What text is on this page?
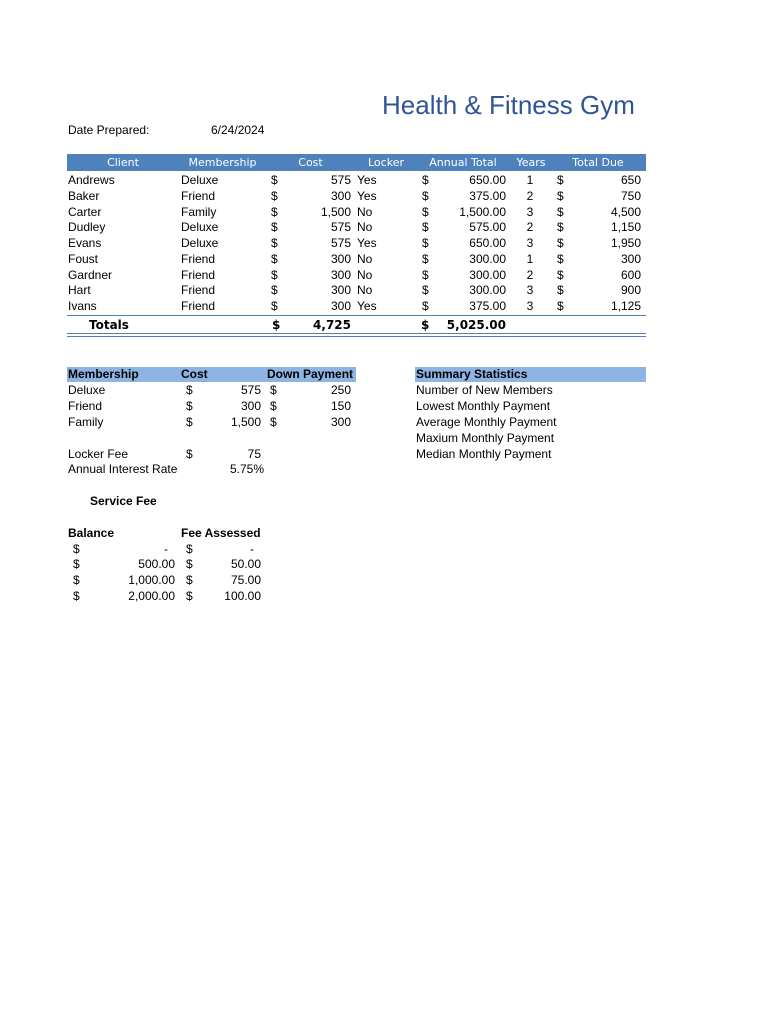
Health & Fitness Gym
Date Prepared:	6/24/2024
Client	Membership	Cost	Locker	Annual Total	Years	Total Due
Andrews	Deluxe	$	575 Yes	$	650.00	1	$	650
Baker	Friend	$	300 Yes	$	375.00	2	$	750
Carter	Family	$	1,500 No	$	1,500.00	3	$	4,500
Dudley	Deluxe	$	575 No	$	575.00	2	$	1,150
Evans	Deluxe	$	575 Yes	$	650.00	3	$	1,950
Foust	Friend	$	300 No	$	300.00	1	$	300
Gardner	Friend	$	300 No	$	300.00	2	$	600
Hart	Friend	$	300 No	$	300.00	3	$	900
Ivans	Friend	$	300 Yes	$	375.00	3	$	1,125
Totals	$	4,725	$	5,025.00
Membership	Cost	Down Payment
Deluxe	$	575 $	250
Friend	$	300 $	150
Family	$	1,500 $	300
Locker Fee	$	75
Annual Interest Rate	5.75%
Summary Statistics
Number of New Members
Lowest Monthly Payment
Average Monthly Payment
Maxium Monthly Payment
Median Monthly Payment
Service Fee
Balance	Fee Assessed
$	- $	-
$	500.00 $	50.00
$	1,000.00 $	75.00
$	2,000.00 $	100.00
